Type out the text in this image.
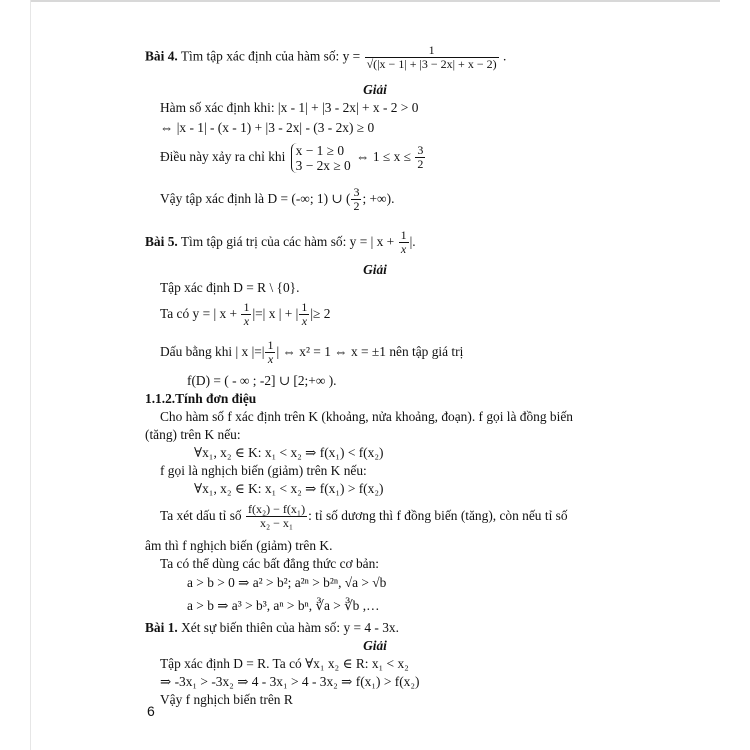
Bài 4. Tìm tập xác định của hàm số: $y = \frac{1}{√(|x - 1| + |3 - 2x| + x - 2)}$ .
Giải
Hàm số xác định khi: |x - 1| + |3 - 2x| + x - 2 > 0
⇔ |x - 1| - (x - 1) + |3 - 2x| - (3 - 2x) ≥ 0
Điều này xảy ra chỉ khi x − 1 ≥ 0
3 − 2x ≥ 0
⇔ $1 \le x \le \frac{3}{2}$
Vậy tập xác định là D = (-∞; 1) ∪ ( $\frac{3}{2}$ ; +∞).
Bài 5. Tìm tập giá trị của các hàm số: y = | $x + \frac{1}{x}$ |.
Giải
Tập xác định D = R \ {0}.
Ta có y = | $x + \frac{1}{x}$ |=| x | + | $\frac{1}{x}$ |≥ 2
Dấu bằng khi | x |=| $\frac{1}{x}$ | ⇔ x² = 1 ⇔ x = ±1 nên tập giá trị
f(D) = ( - ∞ ; -2] ∪ [2;+∞ ).
1.1.2.Tính đơn điệu
Cho hàm số f xác định trên K (khoảng, nửa khoảng, đoạn). f gọi là đồng biến
(tăng) trên K nếu:
∀x₁, x₂ ∈ K: x₁ < x₂ ⇒ f(x₁) < f(x₂)
f gọi là nghịch biến (giảm) trên K nếu:
∀x₁, x₂ ∈ K: x₁ < x₂ ⇒ f(x₁) > f(x₂)
Ta xét dấu tỉ số $\frac{\text{f(x₂) − f(x₁)}}{\text{x₂ − x₁}}$ : tỉ số dương thì f đồng biến (tăng), còn nếu tỉ số
âm thì f nghịch biến (giảm) trên K.
Ta có thể dùng các bất đẳng thức cơ bản:
a > b > 0 ⇒ a² > b²; a²ⁿ > b²ⁿ, √a > √b
a > b ⇒ a³ > b³, aⁿ > bⁿ, ∛a > ∛b ,…
Bài 1. Xét sự biến thiên của hàm số: y = 4 - 3x.
Giải
Tập xác định D = R. Ta có ∀x₁ x₂ ∈ R: x₁ < x₂
⇒ -3x₁ > -3x₂ ⇒ 4 - 3x₁ > 4 - 3x₂ ⇒ f(x₁) > f(x₂)
Vậy f nghịch biến trên R
6
